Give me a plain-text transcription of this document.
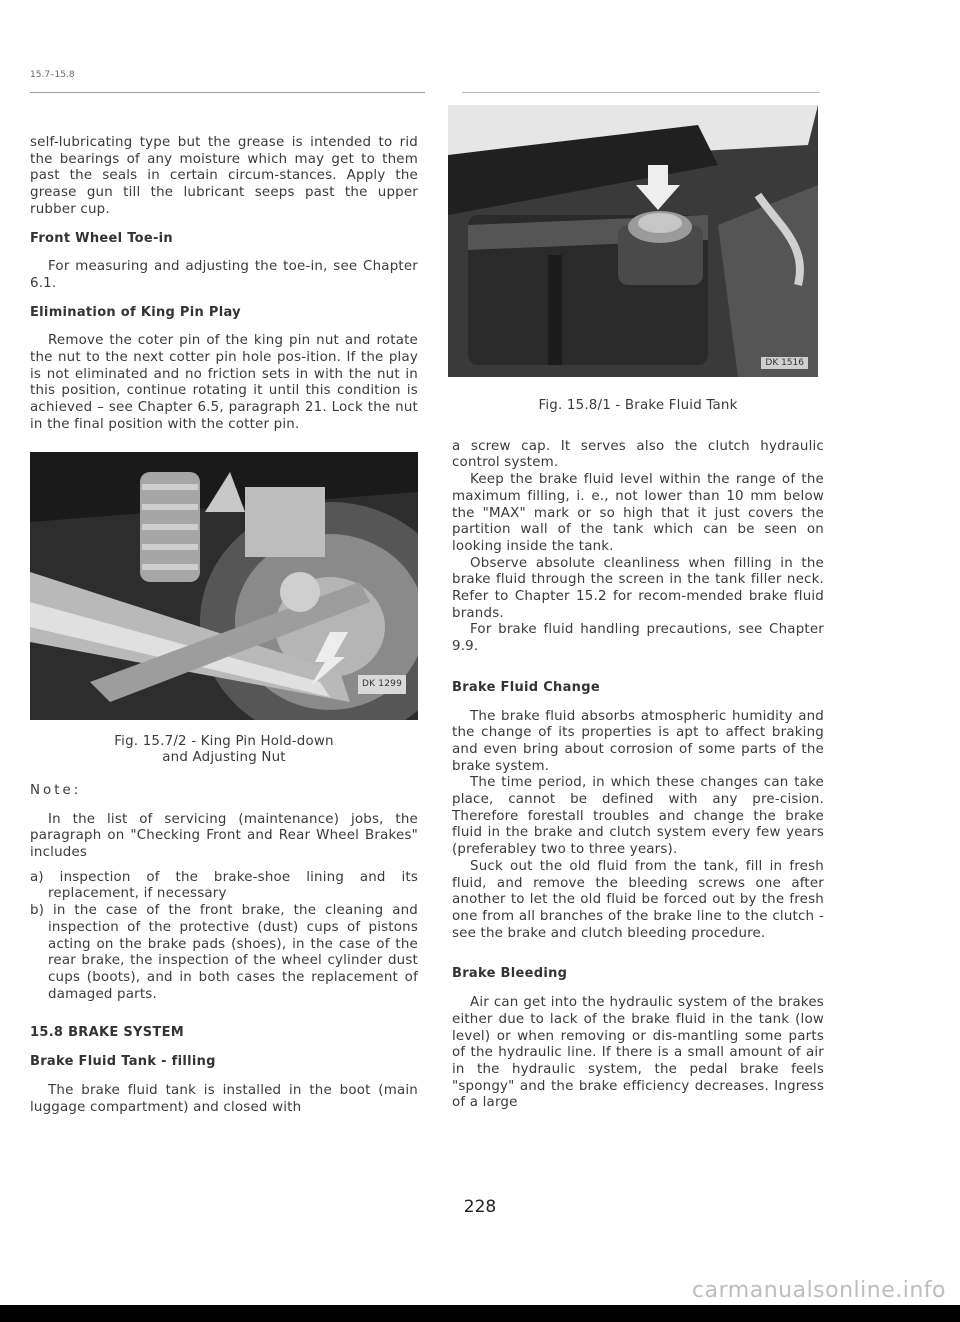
15.7–15.8

self-lubricating type but the grease is intended to rid the bearings of any moisture which may get to them past the seals in certain circum-stances. Apply the grease gun till the lubricant seeps past the upper rubber cup.

Front Wheel Toe-in

For measuring and adjusting the toe-in, see Chapter 6.1.

Elimination of King Pin Play

Remove the coter pin of the king pin nut and rotate the nut to the next cotter pin hole pos-ition. If the play is not eliminated and no friction sets in with the nut in this position, continue rotating it until this condition is achieved – see Chapter 6.5, paragraph 21. Lock the nut in the final position with the cotter pin.

DK 1299
Fig. 15.7/2 - King Pin Hold-down
and Adjusting Nut

Note:

In the list of servicing (maintenance) jobs, the paragraph on "Checking Front and Rear Wheel Brakes" includes

a) inspection of the brake-shoe lining and its replacement, if necessary

b) in the case of the front brake, the cleaning and inspection of the protective (dust) cups of pistons acting on the brake pads (shoes), in the case of the rear brake, the inspection of the wheel cylinder dust cups (boots), and in both cases the replacement of damaged parts.

15.8 BRAKE SYSTEM
Brake Fluid Tank - filling

The brake fluid tank is installed in the boot (main luggage compartment) and closed with

DK 1516
Fig. 15.8/1 - Brake Fluid Tank

a screw cap. It serves also the clutch hydraulic control system.

Keep the brake fluid level within the range of the maximum filling, i. e., not lower than 10 mm below the "MAX" mark or so high that it just covers the partition wall of the tank which can be seen on looking inside the tank.

Observe absolute cleanliness when filling in the brake fluid through the screen in the tank filler neck. Refer to Chapter 15.2 for recom-mended brake fluid brands.

For brake fluid handling precautions, see Chapter 9.9.

Brake Fluid Change

The brake fluid absorbs atmospheric humidity and the change of its properties is apt to affect braking and even bring about corrosion of some parts of the brake system.

The time period, in which these changes can take place, cannot be defined with any pre-cision. Therefore forestall troubles and change the brake fluid in the brake and clutch system every few years (preferabley two to three years).

Suck out the old fluid from the tank, fill in fresh fluid, and remove the bleeding screws one after another to let the old fluid be forced out by the fresh one from all branches of the brake line to the clutch - see the brake and clutch bleeding procedure.

Brake Bleeding

Air can get into the hydraulic system of the brakes either due to lack of the brake fluid in the tank (low level) or when removing or dis-mantling some parts of the hydraulic line. If there is a small amount of air in the hydraulic system, the pedal brake feels "spongy" and the brake efficiency decreases. Ingress of a large

228
carmanualsonline.info
